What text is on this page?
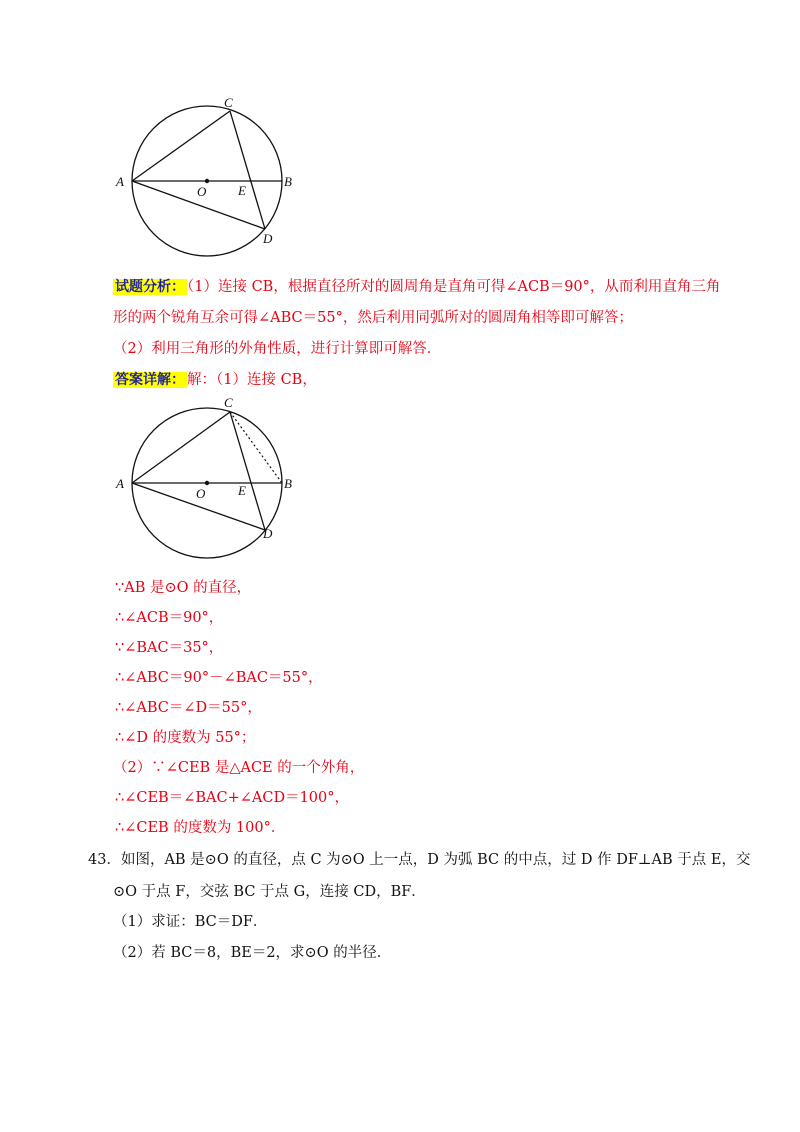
A	B
C
D
E
O
试题分析： （1）连接 CB，根据直径所对的圆周角是直角可得∠ACB＝90°，从而利用直角三角
形的两个锐角互余可得∠ABC＝55°，然后利用同弧所对的圆周角相等即可解答；
（2）利用三角形的外角性质，进行计算即可解答．
答案详解： 解：（1）连接 CB，
A	B
C
D
E
O
∵AB 是⊙O 的直径，
∴∠ACB＝90°，
∵∠BAC＝35°，
∴∠ABC＝90°－∠BAC＝55°，
∴∠ABC＝∠D＝55°，
∴∠D 的度数为 55°；
（2）∵∠CEB 是△ACE 的一个外角，
∴∠CEB＝∠BAC+∠ACD＝100°，
∴∠CEB 的度数为 100°．
43．如图，AB 是⊙O 的直径，点 C 为⊙O 上一点，D 为弧 BC 的中点，过 D 作 DF⊥AB 于点 E，交
⊙O 于点 F，交弦 BC 于点 G，连接 CD，BF．
（1）求证：BC＝DF．
（2）若 BC＝8，BE＝2，求⊙O 的半径．
